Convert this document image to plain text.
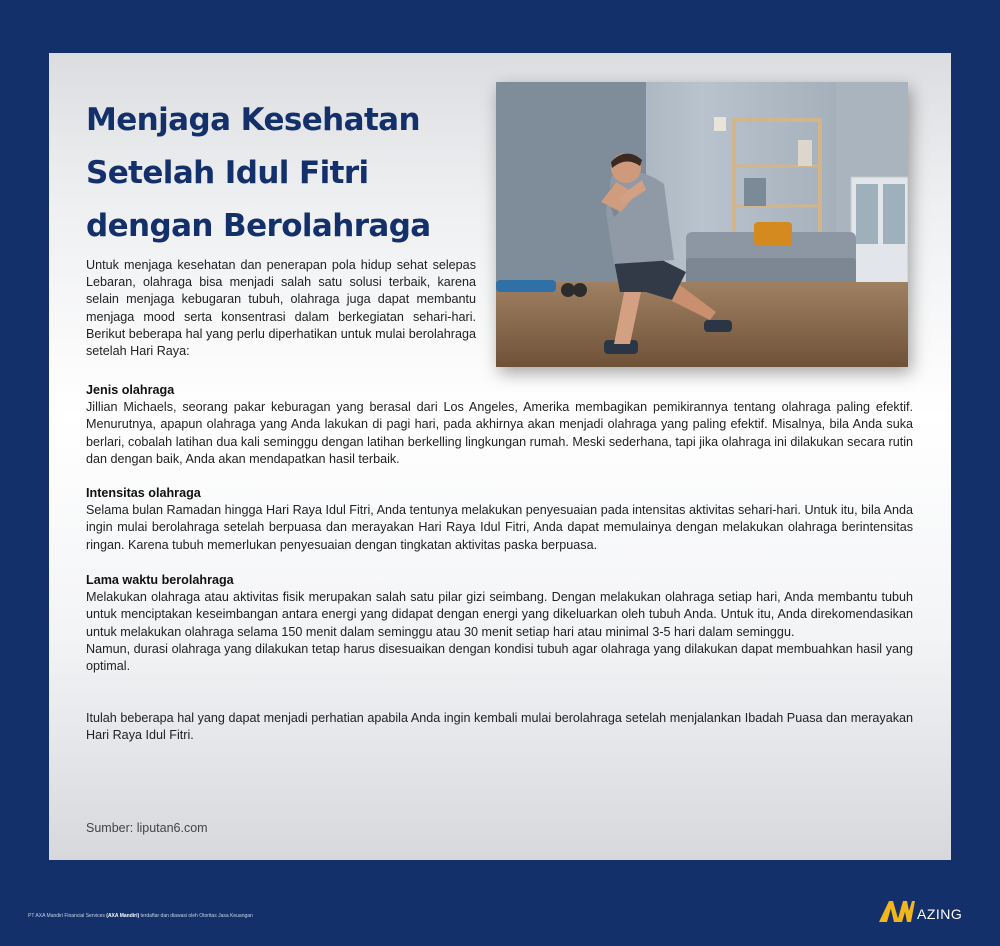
Menjaga Kesehatan
Setelah Idul Fitri
dengan Berolahraga

Untuk menjaga kesehatan dan penerapan pola hidup sehat selepas Lebaran, olahraga bisa menjadi salah satu solusi terbaik, karena selain menjaga kebugaran tubuh, olahraga juga dapat membantu menjaga mood serta konsentrasi dalam berkegiatan sehari-hari. Berikut beberapa hal yang perlu diperhatikan untuk mulai berolahraga setelah Hari Raya:

Jenis olahraga

Jillian Michaels, seorang pakar keburagan yang berasal dari Los Angeles, Amerika membagikan pemikirannya tentang olahraga paling efektif. Menurutnya, apapun olahraga yang Anda lakukan di pagi hari, pada akhirnya akan menjadi olahraga yang paling efektif. Misalnya, bila Anda suka berlari, cobalah latihan dua kali seminggu dengan latihan berkelling lingkungan rumah. Meski sederhana, tapi jika olahraga ini dilakukan secara rutin dan dengan baik, Anda akan mendapatkan hasil terbaik.

Intensitas olahraga

Selama bulan Ramadan hingga Hari Raya Idul Fitri, Anda tentunya melakukan penyesuaian pada intensitas aktivitas sehari-hari. Untuk itu, bila Anda ingin mulai berolahraga setelah berpuasa dan merayakan Hari Raya Idul Fitri, Anda dapat memulainya dengan melakukan olahraga berintensitas ringan. Karena tubuh memerlukan penyesuaian dengan tingkatan aktivitas paska berpuasa.

Lama waktu berolahraga

Melakukan olahraga atau aktivitas fisik merupakan salah satu pilar gizi seimbang. Dengan melakukan olahraga setiap hari, Anda membantu tubuh untuk menciptakan keseimbangan antara energi yang didapat dengan energi yang dikeluarkan oleh tubuh Anda. Untuk itu, Anda direkomendasikan untuk melakukan olahraga selama 150 menit dalam seminggu atau 30 menit setiap hari atau minimal 3-5 hari dalam seminggu.

Namun, durasi olahraga yang dilakukan tetap harus disesuaikan dengan kondisi tubuh agar olahraga yang dilakukan dapat membuahkan hasil yang optimal.

Itulah beberapa hal yang dapat menjadi perhatian apabila Anda ingin kembali mulai berolahraga setelah menjalankan Ibadah Puasa dan merayakan Hari Raya Idul Fitri.

Sumber: liputan6.com
PT AXA Mandiri Financial Services (AXA Mandiri) terdaftar dan diawasi oleh Otoritas Jasa Keuangan	AZING
